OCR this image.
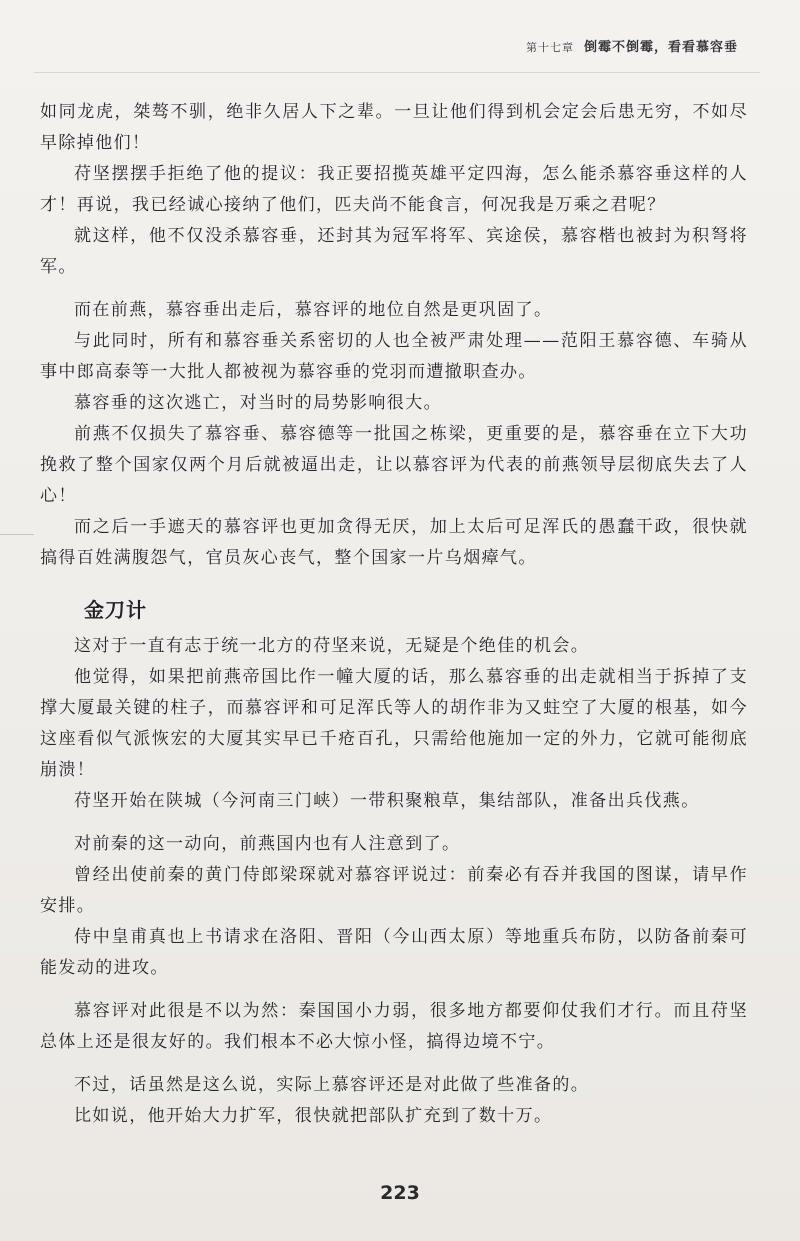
第十七章 倒霉不倒霉，看看慕容垂

如同龙虎，桀骜不驯，绝非久居人下之辈。一旦让他们得到机会定会后患无穷，不如尽早除掉他们！

苻坚摆摆手拒绝了他的提议：我正要招揽英雄平定四海，怎么能杀慕容垂这样的人才！再说，我已经诚心接纳了他们，匹夫尚不能食言，何况我是万乘之君呢？

就这样，他不仅没杀慕容垂，还封其为冠军将军、宾途侯，慕容楷也被封为积弩将军。

而在前燕，慕容垂出走后，慕容评的地位自然是更巩固了。

与此同时，所有和慕容垂关系密切的人也全被严肃处理——范阳王慕容德、车骑从事中郎高泰等一大批人都被视为慕容垂的党羽而遭撤职查办。

慕容垂的这次逃亡，对当时的局势影响很大。

前燕不仅损失了慕容垂、慕容德等一批国之栋梁，更重要的是，慕容垂在立下大功挽救了整个国家仅两个月后就被逼出走，让以慕容评为代表的前燕领导层彻底失去了人心！

而之后一手遮天的慕容评也更加贪得无厌，加上太后可足浑氏的愚蠢干政，很快就搞得百姓满腹怨气，官员灰心丧气，整个国家一片乌烟瘴气。

金刀计

这对于一直有志于统一北方的苻坚来说，无疑是个绝佳的机会。

他觉得，如果把前燕帝国比作一幢大厦的话，那么慕容垂的出走就相当于拆掉了支撑大厦最关键的柱子，而慕容评和可足浑氏等人的胡作非为又蛀空了大厦的根基，如今这座看似气派恢宏的大厦其实早已千疮百孔，只需给他施加一定的外力，它就可能彻底崩溃！

苻坚开始在陕城（今河南三门峡）一带积聚粮草，集结部队，准备出兵伐燕。

对前秦的这一动向，前燕国内也有人注意到了。

曾经出使前秦的黄门侍郎梁琛就对慕容评说过：前秦必有吞并我国的图谋，请早作安排。

侍中皇甫真也上书请求在洛阳、晋阳（今山西太原）等地重兵布防，以防备前秦可能发动的进攻。

慕容评对此很是不以为然：秦国国小力弱，很多地方都要仰仗我们才行。而且苻坚总体上还是很友好的。我们根本不必大惊小怪，搞得边境不宁。

不过，话虽然是这么说，实际上慕容评还是对此做了些准备的。

比如说，他开始大力扩军，很快就把部队扩充到了数十万。

223
